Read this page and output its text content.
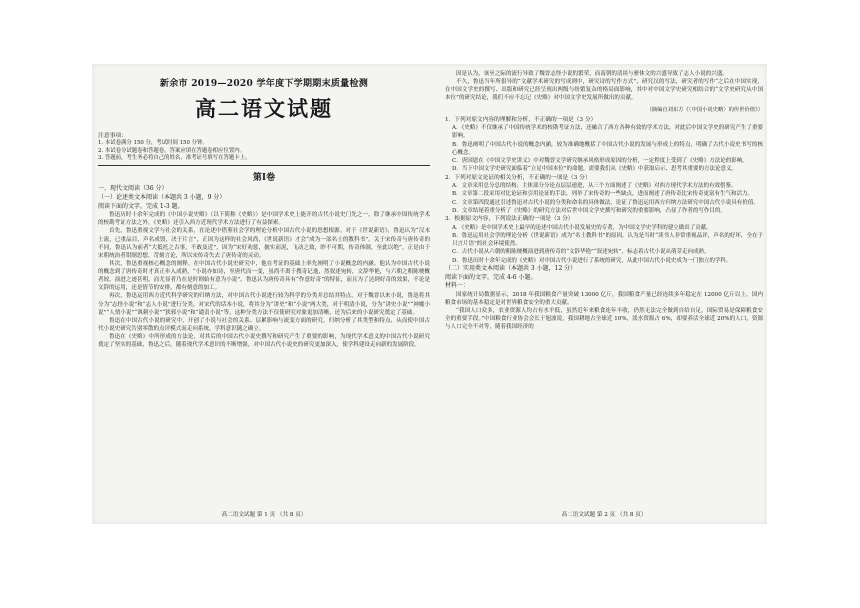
新余市 2019—2020 学年度下学期期末质量检测
高二语文试题
注意事项：
1. 本试卷满分 150 分，考试时间 150 分钟。
2. 本试卷分试题卷和答题卷，答案应填在答题卷相应位置内。
3. 答题前，考生务必将自己的姓名、准考证号填写在答题卡上。
第Ⅰ卷
一、现代文阅读（36 分）
（一）论述类文本阅读（本题共 3 小题，9 分）
阅读下面的文字，完成 1-3 题。
鲁迅历时十余年完成的《中国小说史略》（以下简称《史略》）是中国学术史上能开的古代小说史门先之一，除了继承中国传统学术的校勘考证方法之外，《史略》还引入西方近现代学术方法进行了有益探索。
首先，鲁迅重视文学与社会的关系，在论述中借鉴社会学的理论分析中国古代小说的思想根源。对于《世说新语》，鲁迅认为“汉末士流，已重品目，声名成毁，决于片言”，正因为这样的社会风尚，《世说新语》才会“成为一部名士的教科书”。关于宋传奇与唐传奇的不同，鲁迅认为前者“大抵托之古事，不敢及近”，因为“宋好劝惩，摭实而泥，飞动之致，眇不可期，传奇体制，至此以绝”，正是由于宋朝统治者钳制思想，苛刻言论，所以宋传奇失去了唐传奇的灵动。
其次，鲁迅重视核心概念的阐释。在中国古代小说史研究中，他在考证的基础上率先阐明了小说概念的内涵。他认为中国古代小说的概念到了唐传奇时才真正步入成熟，“小说亦如诗，至唐代而一变，虽尚不离于搜奇记逸，然叙述宛转，文辞华艳，与六朝之粗陈梗概者较，演进之迹甚明，而尤显者乃在是时则始有意为小说”。鲁迅认为唐传奇具有“作意好奇”的特征，而且为了达到好奇的效果，不论是文辞的运用，还是情节的安排，都有刻意的加工。
再次，鲁迅运用西方近代科学研究的归纳方法，对中国古代小说进行较为科学的分类并总结其特点，对于魏晋以来小说，鲁迅将其分为“志怪小说”和“志人小说”进行分类，对宋代的话本小说，将其分为“讲史”和“小说”两大类，对于明清小说，分为“讲史小说”“神魔小说”“人情小说”“讽刺小说”“狭邪小说”和“谴责小说”等，这种分类方法不仅使研究对象更加清晰，还为后来的小说研究奠定了基础。
鲁迅在中国古代小说的研究中，开创了小说与社会的关系、层累影响与流变方面的研究，归纳分析了其类型和特点，从而使中国古代小说史研究告别零散的点评模式而走向系统，学科意识随之确立。
鲁迅在《史略》中所形成的方法论，对其后的中国古代小说史撰写和研究产生了重要的影响，为现代学术意义的中国古代小说研究奠定了坚实的基础，鲁迅之后，随着现代学术意识的不断增强，对中国古代小说史的研究更加深入，使学科建设走向新的发展阶段。
高二语文试题 第 1 页 （共 8 页）
因是认为，该至之际的流行导致了魏晋志怪小说的繁荣，而南朝的清谈与骈体文的兴盛导致了志人小说的兴盛。
不久，鲁迅当年所倡导的“文献学术研究的写成则中，研究诗的写作方式”，研究汉的写法，研究者的写作“之后在中国实现，在中国文学史的撰写、出版和研究已经呈现出两级与纷繁复杂的格局面影响，其中对中国文学史研究相结合的“文学史研究从中国本位”的研究结论，我们不应不忘记《史略》对中国文学史发展所做出的贡献。
（摘编自刘东方《〈中国小说史略〉的传世价值》）
1．下列对原文内容的理解和分析，不正确的一项是（3 分）
A．《史略》不仅继承了中国传统学术的校勘考证方法，还融合了西方各种有效的学术方法，对此后中国文学史的研究产生了重要影响。
B．鲁迅阐明了中国古代小说的概念内涵，较为准确地概括了中国古代小说的发展与形成上的特点，明确了古代小说史书写的核心概念。
C．唐国恩在《中国文学史讲义》中对魏晋文学研究继承风格形成原因的分析，一定程度上受到了《史略》方法论的影响。
D．当下中国文学史研究面临着“立足中国本位”的命题，需要我们从《史略》中获取启示，思考其重要的方法论意义。
2．下列对原文论证的相关分析，不正确的一项是（3 分）
A．文章采用总分总的结构；主体部分分论点层层递进，从三个方面阐述了《史略》对西方现代学术方法的有效借鉴。
B．文章第二段采用对比论证和引用论证的手法，列举了宋传奇的一些缺点，进而阐述了唐传奇比宋传奇更富有生气和活力。
C．文章第四段通过引述鲁迅对古代小说的分类和命名的具体做法，论证了鲁迅运用西方归纳方法研究中国古代小说具有价值。
D．文章结尾着重分析了《史略》的研究方法对后世中国文学史撰写和研究的重要影响，凸显了作者的写作目的。
3．根据原文内容，下列说法正确的一项是（3 分）
A．《史略》是中国学术史上最早的论述中国古代小说发展史的专著，为中国文学史学科的建立做出了贡献。
B．鲁迅运用社会学的理论分析《世说新语》成为“名士教科书”的原因，认为是当时“读书人非常重视品评，声名的好坏，全在于只言片语”的社会环境使然。
C．古代小说从六朝的粗陈梗概演进到唐传奇的“文辞华艳”“叙述宛转”，标志着古代小说从萌芽走向成熟。
D．鲁迅历时十余年完成的《史略》对中国古代小说进行了系统的研究，从此中国古代小说史成为一门独立的学科。
（二）实用类文本阅读（本题共 3 小题，12 分）
阅读下面的文字，完成 4-6 小题。
材料一：
国家统计局数据显示，2018 年我国粮食产量突破 13000 亿斤，我国粮食产量已经连续多年稳定在 12000 亿斤以上，国内粮食市场的基本稳定是对世界粮食安全的重大贡献。
“我国人口众多，农业资源人均占有水平低，虽然近年来粮食连年丰收，仍然无法完全做到自给自足，国际贸易是保障粮食安全的重要手段。”中国粮食行业协会会长于旭波说，我国耕地占全球近 10%，淡水资源占 6%，却要养活全球近 20%的人口，资源与人口完全不对等，随着我国经济的
高二语文试题 第 2 页 （共 8 页）
